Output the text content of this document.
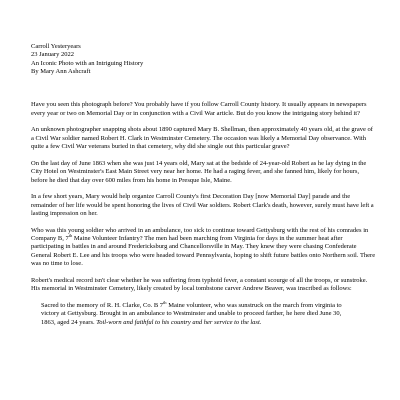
Carroll Yesteryears

23 January 2022

An Iconic Photo with an Intriguing History

By Mary Ann Ashcraft

Have you seen this photograph before? You probably have if you follow Carroll County history. It usually appears in newspapers every year or two on Memorial Day or in conjunction with a Civil War article. But do you know the intriguing story behind it?

An unknown photographer snapping shots about 1890 captured Mary B. Shellman, then approximately 40 years old, at the grave of a Civil War soldier named Robert H. Clark in Westminster Cemetery. The occasion was likely a Memorial Day observance. With quite a few Civil War veterans buried in that cemetery, why did she single out this particular grave?

On the last day of June 1863 when she was just 14 years old, Mary sat at the bedside of 24-year-old Robert as he lay dying in the City Hotel on Westminster's East Main Street very near her home. He had a raging fever, and she fanned him, likely for hours, before he died that day over 600 miles from his home in Presque Isle, Maine.

In a few short years, Mary would help organize Carroll County's first Decoration Day [now Memorial Day] parade and the remainder of her life would be spent honoring the lives of Civil War soldiers. Robert Clark's death, however, surely must have left a lasting impression on her.

Who was this young soldier who arrived in an ambulance, too sick to continue toward Gettysburg with the rest of his comrades in Company B, 7th Maine Volunteer Infantry? The men had been marching from Virginia for days in the summer heat after participating in battles in and around Fredericksburg and Chancellorsville in May. They knew they were chasing Confederate General Robert E. Lee and his troops who were headed toward Pennsylvania, hoping to shift future battles onto Northern soil. There was no time to lose.

Robert's medical record isn't clear whether he was suffering from typhoid fever, a constant scourge of all the troops, or sunstroke. His memorial in Westminster Cemetery, likely created by local tombstone carver Andrew Beaver, was inscribed as follows:

Sacred to the memory of R. H. Clarke, Co. B 7th Maine volunteer, who was sunstruck on the march from virginia to victory at Gettysburg. Brought in an ambulance to Westminster and unable to proceed farther, he here died June 30, 1863, aged 24 years. Toil-worn and faithful to his country and her service to the last.
